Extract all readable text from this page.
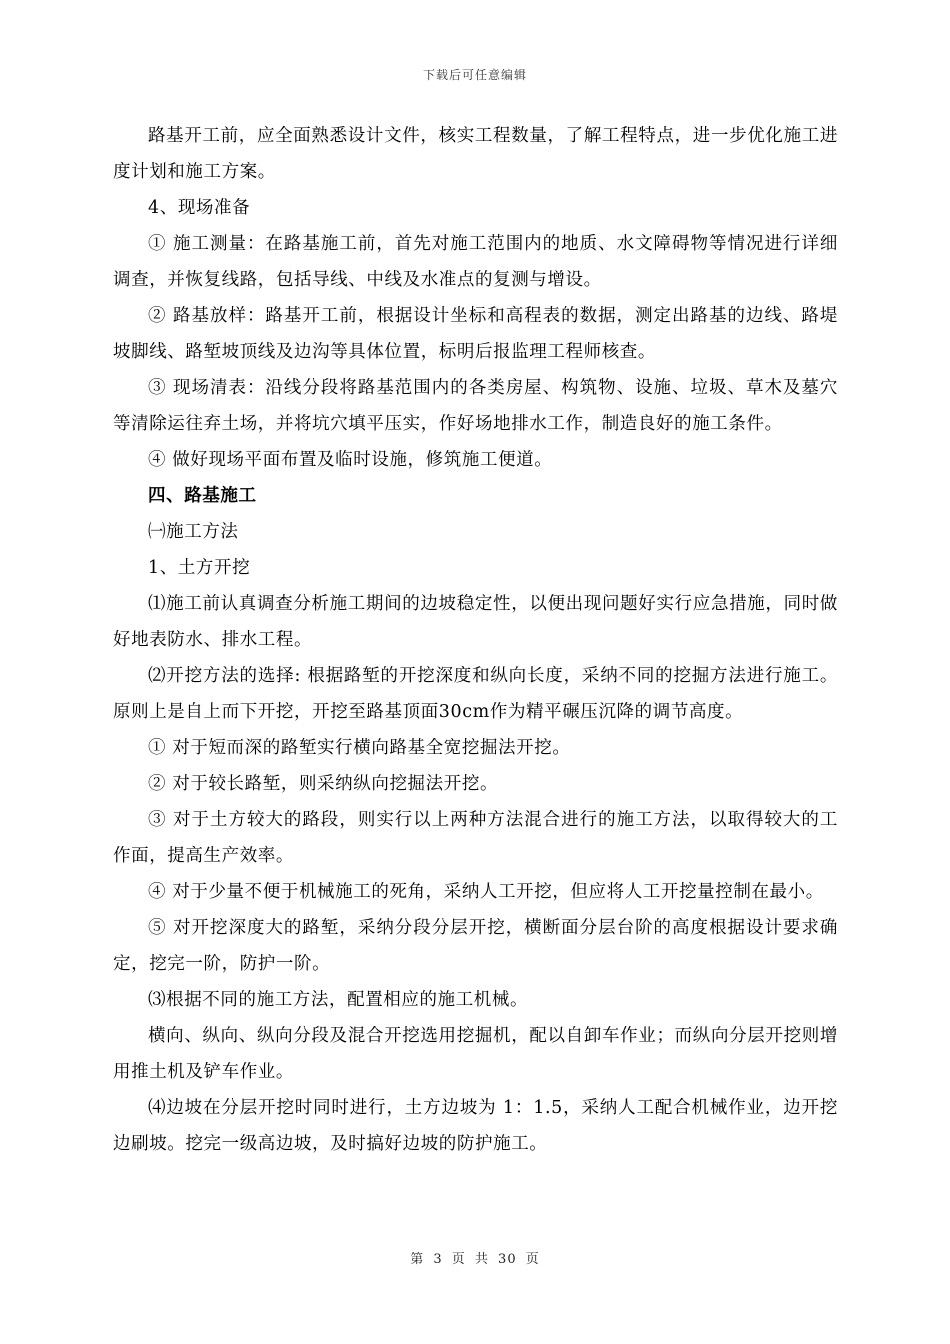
下载后可任意编辑

路基开工前，应全面熟悉设计文件，核实工程数量，了解工程特点，进一步优化施工进度计划和施工方案。

4、现场准备

① 施工测量：在路基施工前，首先对施工范围内的地质、水文障碍物等情况进行详细调查，并恢复线路，包括导线、中线及水准点的复测与增设。

② 路基放样：路基开工前，根据设计坐标和高程表的数据，测定出路基的边线、路堤坡脚线、路堑坡顶线及边沟等具体位置，标明后报监理工程师核查。

③ 现场清表：沿线分段将路基范围内的各类房屋、构筑物、设施、垃圾、草木及墓穴等清除运往弃土场，并将坑穴填平压实，作好场地排水工作，制造良好的施工条件。

④ 做好现场平面布置及临时设施，修筑施工便道。

四、路基施工

㈠施工方法

1、土方开挖

⑴施工前认真调查分析施工期间的边坡稳定性，以便出现问题好实行应急措施，同时做好地表防水、排水工程。

⑵开挖方法的选择: 根据路堑的开挖深度和纵向长度，采纳不同的挖掘方法进行施工。原则上是自上而下开挖，开挖至路基顶面30cm作为精平碾压沉降的调节高度。

① 对于短而深的路堑实行横向路基全宽挖掘法开挖。

② 对于较长路堑，则采纳纵向挖掘法开挖。

③ 对于土方较大的路段，则实行以上两种方法混合进行的施工方法，以取得较大的工作面，提高生产效率。

④ 对于少量不便于机械施工的死角，采纳人工开挖，但应将人工开挖量控制在最小。

⑤ 对开挖深度大的路堑，采纳分段分层开挖，横断面分层台阶的高度根据设计要求确定，挖完一阶，防护一阶。

⑶根据不同的施工方法，配置相应的施工机械。

横向、纵向、纵向分段及混合开挖选用挖掘机，配以自卸车作业；而纵向分层开挖则增用推土机及铲车作业。

⑷边坡在分层开挖时同时进行，土方边坡为 1：1.5，采纳人工配合机械作业，边开挖边刷坡。挖完一级高边坡，及时搞好边坡的防护施工。

第 3 页 共 30 页
